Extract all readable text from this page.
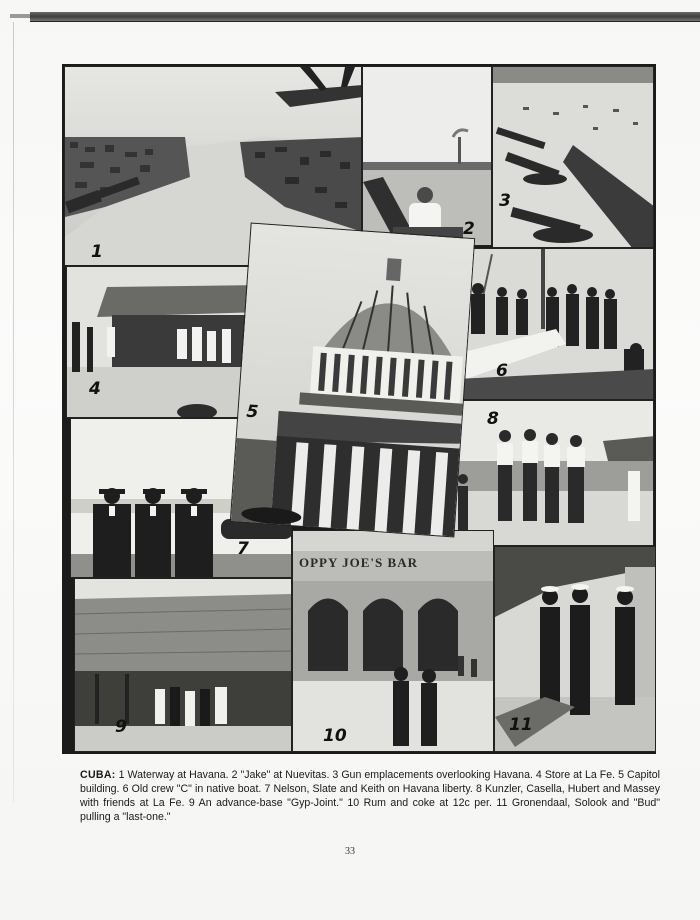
1
2
3
4
6
7
5	8
9
OPPY JOE'S BAR
10
11
CUBA: 1 Waterway at Havana. 2 "Jake" at Nuevitas. 3 Gun emplacements overlooking Havana. 4 Store at La Fe. 5 Capitol building. 6 Old crew "C" in native boat. 7 Nelson, Slate and Keith on Havana liberty. 8 Kunzler, Casella, Hubert and Massey with friends at La Fe. 9 An advance-base "Gyp-Joint." 10 Rum and coke at 12c per. 11 Gronendaal, Solook and "Bud" pulling a "last-one."
33
